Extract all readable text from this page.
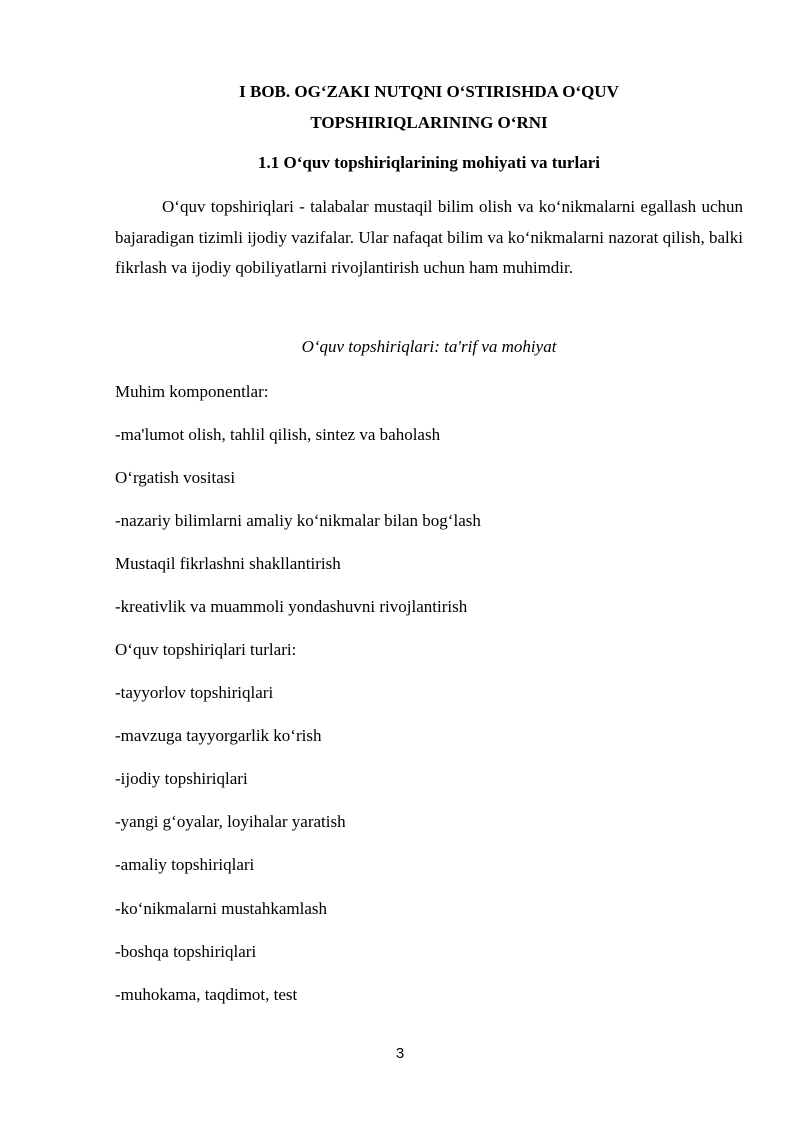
I BOB. OG‘ZAKI NUTQNI O‘STIRISHDA O‘QUV
TOPSHIRIQLARINING O‘RNI
1.1 O‘quv topshiriqlarining mohiyati va turlari

O‘quv topshiriqlari - talabalar mustaqil bilim olish va ko‘nikmalarni egallash uchun bajaradigan tizimli ijodiy vazifalar. Ular nafaqat bilim va ko‘nikmalarni nazorat qilish, balki fikrlash va ijodiy qobiliyatlarni rivojlantirish uchun ham muhimdir.

O‘quv topshiriqlari: ta'rif va mohiyat
Muhim komponentlar:
-ma'lumot olish, tahlil qilish, sintez va baholash
O‘rgatish vositasi
-nazariy bilimlarni amaliy ko‘nikmalar bilan bog‘lash
Mustaqil fikrlashni shakllantirish
-kreativlik va muammoli yondashuvni rivojlantirish
O‘quv topshiriqlari turlari:
-tayyorlov topshiriqlari
-mavzuga tayyorgarlik ko‘rish
-ijodiy topshiriqlari
-yangi g‘oyalar, loyihalar yaratish
-amaliy topshiriqlari
-ko‘nikmalarni mustahkamlash
-boshqa topshiriqlari
-muhokama, taqdimot, test
3
